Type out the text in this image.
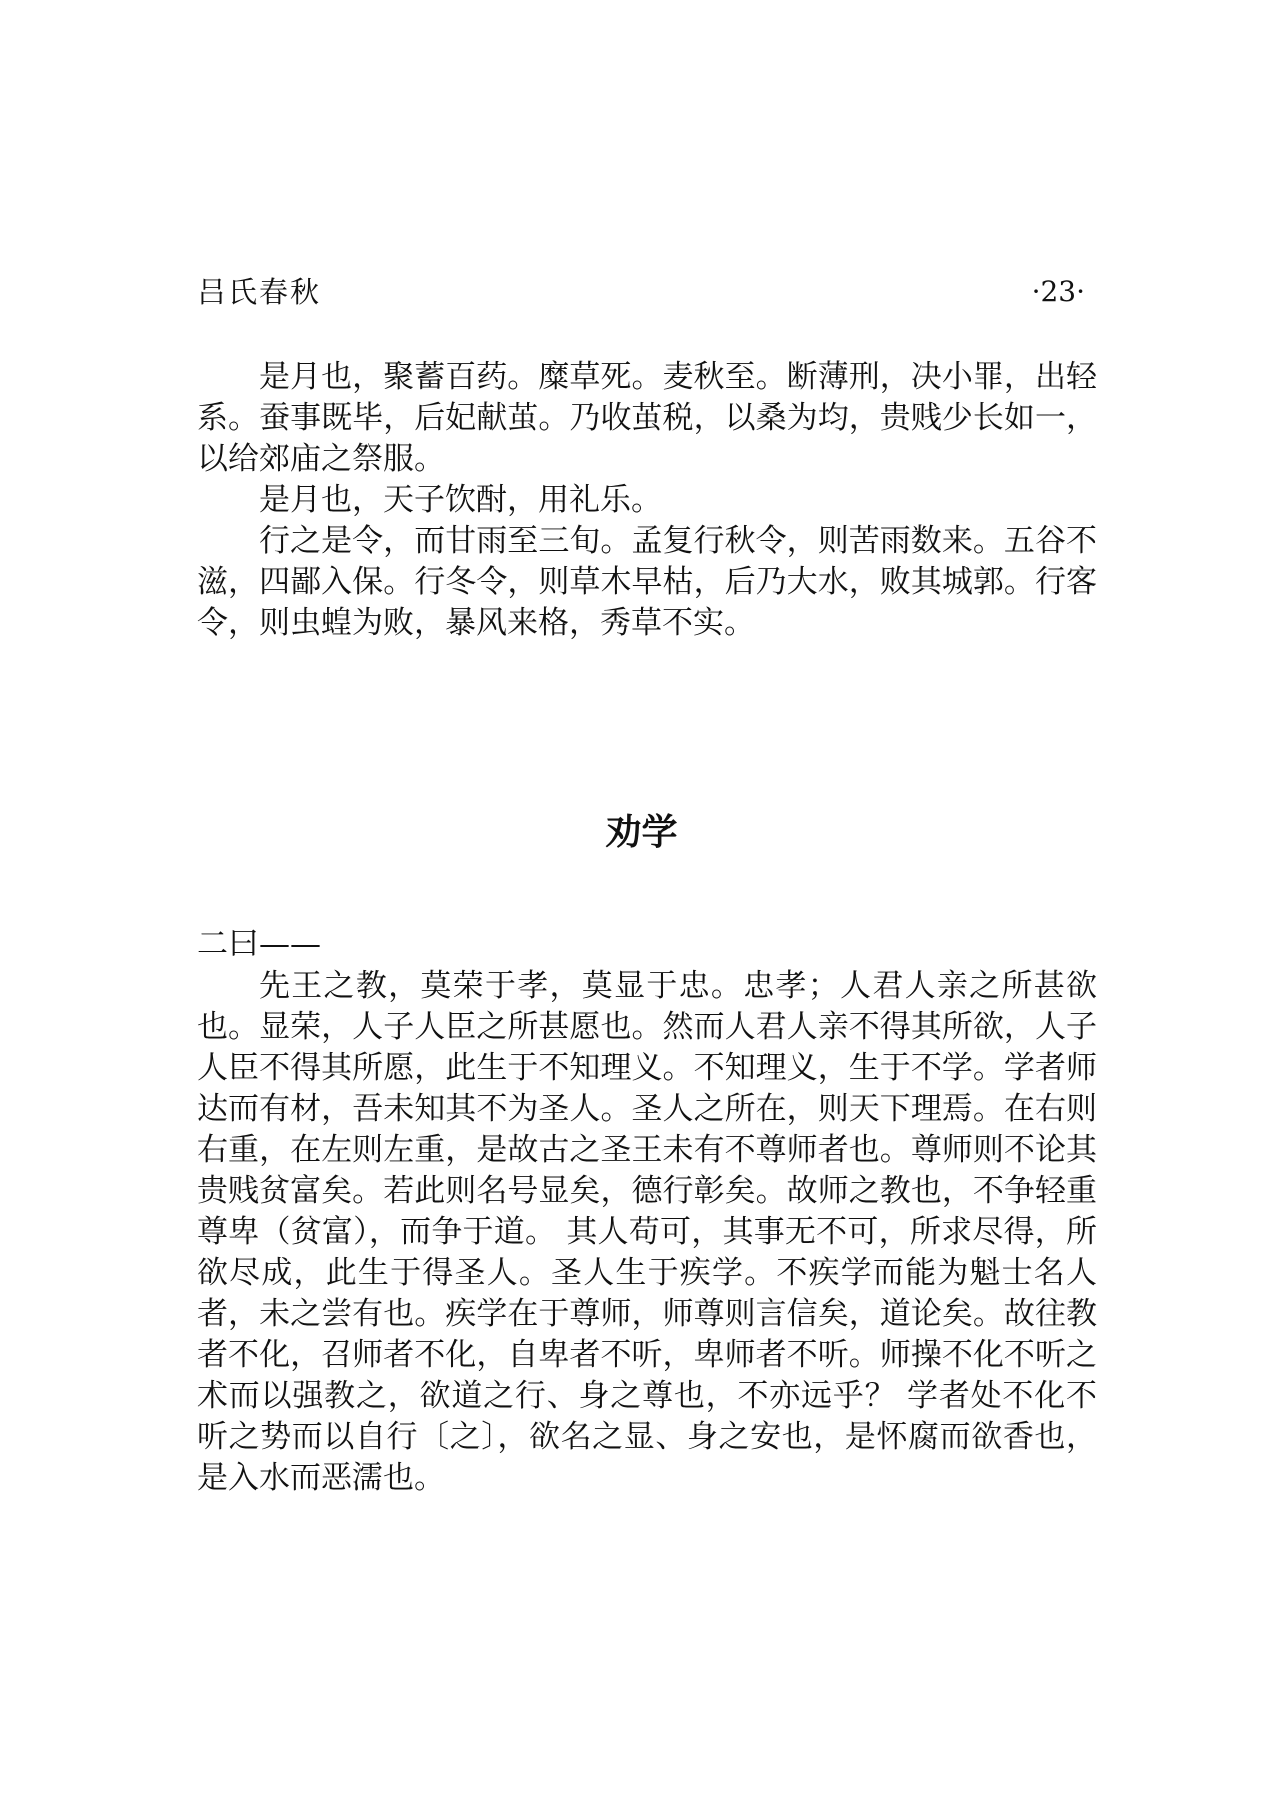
吕氏春秋	·23·

是月也，聚蓄百药。糜草死。麦秋至。断薄刑，决小罪，出轻系。蚕事既毕，后妃献茧。乃收茧税，以桑为均，贵贱少长如一，以给郊庙之祭服。

是月也，天子饮酎，用礼乐。

行之是令，而甘雨至三旬。孟复行秋令，则苦雨数来。五谷不滋，四鄙入保。行冬令，则草木早枯，后乃大水，败其城郭。行客令，则虫蝗为败，暴风来格，秀草不实。

劝学
二曰——

先王之教，莫荣于孝，莫显于忠。忠孝；人君人亲之所甚欲也。显荣，人子人臣之所甚愿也。然而人君人亲不得其所欲，人子人臣不得其所愿，此生于不知理义。不知理义，生于不学。学者师达而有材，吾未知其不为圣人。圣人之所在，则天下理焉。在右则右重，在左则左重，是故古之圣王未有不尊师者也。尊师则不论其贵贱贫富矣。若此则名号显矣，德行彰矣。故师之教也，不争轻重尊卑（贫富），而争于道。 其人苟可，其事无不可，所求尽得，所欲尽成，此生于得圣人。圣人生于疾学。不疾学而能为魁士名人者，未之尝有也。疾学在于尊师，师尊则言信矣，道论矣。故往教者不化，召师者不化，自卑者不听，卑师者不听。师操不化不听之术而以强教之，欲道之行、身之尊也，不亦远乎？ 学者处不化不听之势而以自行〔之〕，欲名之显、身之安也，是怀腐而欲香也，是入水而恶濡也。
